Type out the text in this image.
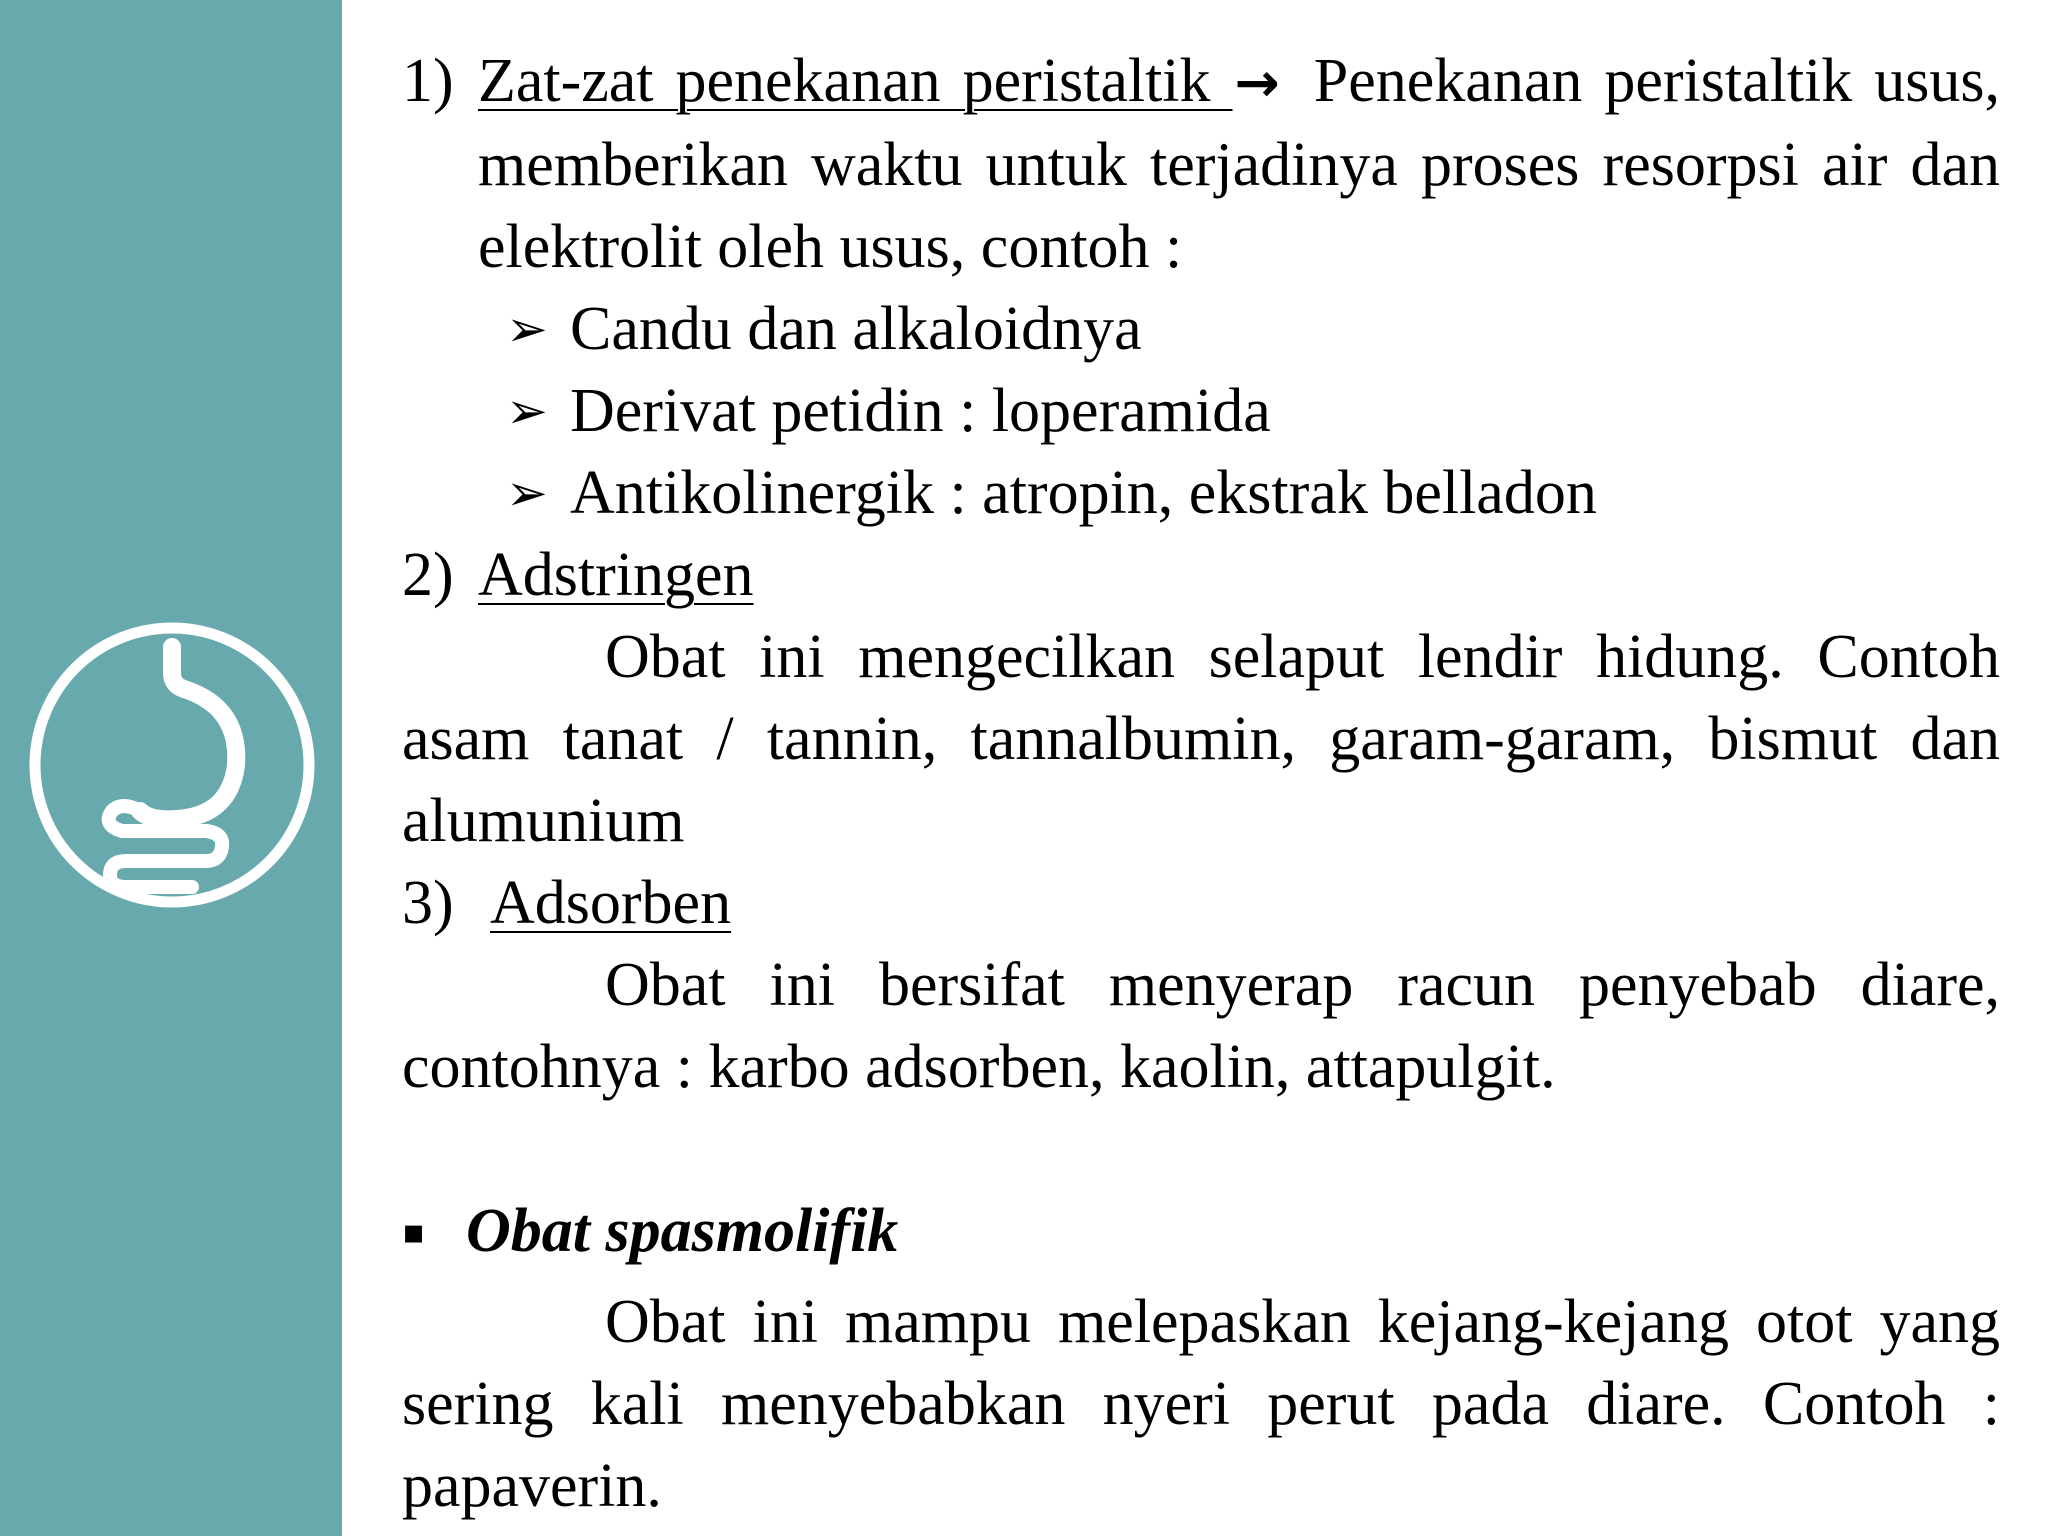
1) Zat-zat penekanan peristaltik → Penekanan peristaltik usus, memberikan waktu untuk terjadinya proses resorpsi air dan elektrolit oleh usus, contoh :

➢ Candu dan alkaloidnya
➢ Derivat petidin : loperamida
➢ Antikolinergik : atropin, ekstrak belladon
2) Adstringen

Obat ini mengecilkan selaput lendir hidung. Contoh asam tanat / tannin, tannalbumin, garam-garam, bismut dan alumunium

3) Adsorben

Obat ini bersifat menyerap racun penyebab diare, contohnya : karbo adsorben, kaolin, attapulgit.

▪ Obat spasmolifik

Obat ini mampu melepaskan kejang-kejang otot yang sering kali menyebabkan nyeri perut pada diare. Contoh : papaverin.
